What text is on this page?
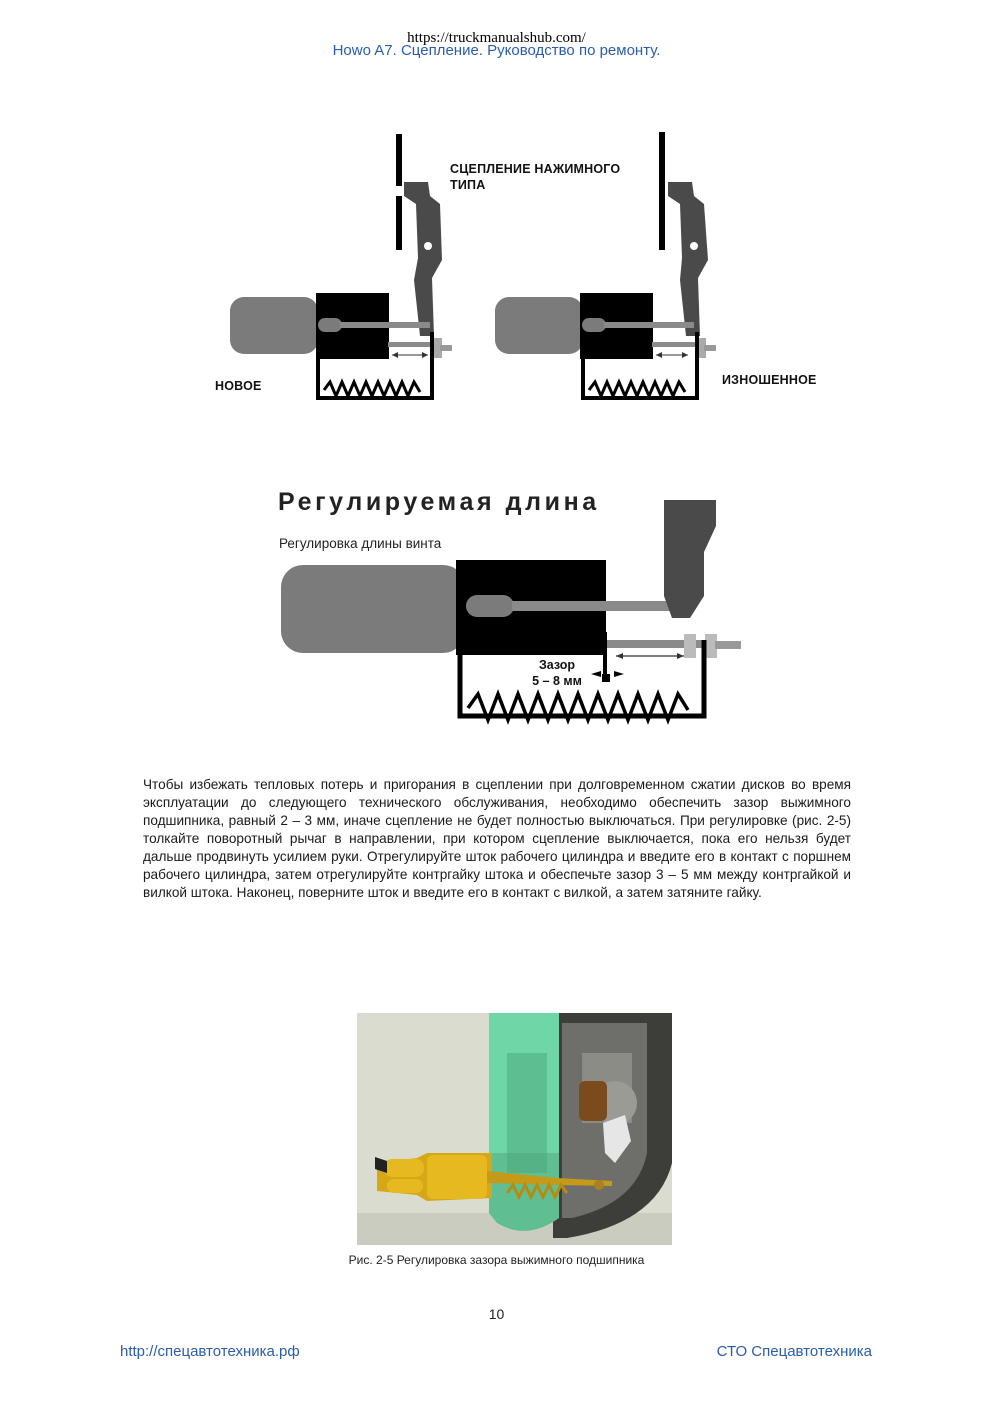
https://truckmanualshub.com/
Howo A7. Сцепление. Руководство по ремонту.
СЦЕПЛЕНИЕ НАЖИМНОГО
ТИПА
НОВОЕ	ИЗНОШЕННОЕ
Регулируемая длина
Регулировка длины винта
Зазор
5 – 8 мм
Чтобы избежать тепловых потерь и пригорания в сцеплении при долговременном сжатии дисков во время эксплуатации до следующего технического обслуживания, необходимо обеспечить зазор выжимного подшипника, равный 2 – 3 мм, иначе сцепление не будет полностью выключаться. При регулировке (рис. 2-5) толкайте поворотный рычаг в направлении, при котором сцепление выключается, пока его нельзя будет дальше продвинуть усилием руки. Отрегулируйте шток рабочего цилиндра и введите его в контакт с поршнем рабочего цилиндра, затем отрегулируйте контргайку штока и обеспечьте зазор 3 – 5 мм между контргайкой и вилкой штока. Наконец, поверните шток и введите его в контакт с вилкой, а затем затяните гайку.
Рис. 2-5 Регулировка зазора выжимного подшипника
10
http://спецавтотехника.рф	СТО Спецавтотехника
